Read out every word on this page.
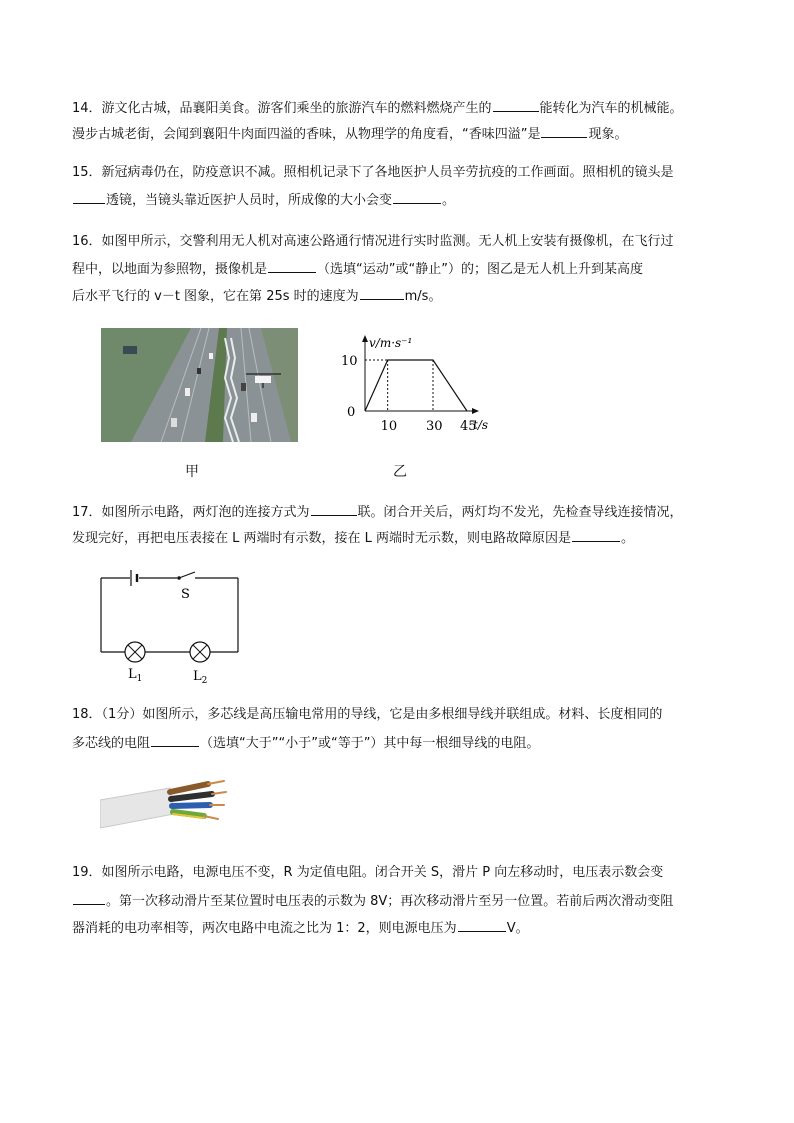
14．游文化古城，品襄阳美食。游客们乘坐的旅游汽车的燃料燃烧产生的	能转化为汽车的机械能。
漫步古城老街，会闻到襄阳牛肉面四溢的香味，从物理学的角度看，“香味四溢”是	现象。
15．新冠病毒仍在，防疫意识不减。照相机记录下了各地医护人员辛劳抗疫的工作画面。照相机的镜头是
透镜，当镜头靠近医护人员时，所成像的大小会变	。
16．如图甲所示，交警利用无人机对高速公路通行情况进行实时监测。无人机上安装有摄像机，在飞行过
程中，以地面为参照物，摄像机是	（选填“运动”或“静止”）的；图乙是无人机上升到某高度
后水平飞行的 v－t 图象，它在第 25s 时的速度为	m/s。
v/m·s⁻¹
t/s
10 30 45
0
10
甲	乙
17．如图所示电路，两灯泡的连接方式为	联。闭合开关后，两灯均不发光，先检查导线连接情况，
发现完好，再把电压表接在 L 两端时有示数，接在 L 两端时无示数，则电路故障原因是	。
S
$L_1$	$L_2$
18．（1分）如图所示，多芯线是高压输电常用的导线，它是由多根细导线并联组成。材料、长度相同的
多芯线的电阻	（选填“大于”“小于”或“等于”）其中每一根细导线的电阻。
19．如图所示电路，电源电压不变，R 为定值电阻。闭合开关 S，滑片 P 向左移动时，电压表示数会变
。第一次移动滑片至某位置时电压表的示数为 8V；再次移动滑片至另一位置。若前后两次滑动变阻
器消耗的电功率相等，两次电路中电流之比为 1：2，则电源电压为	V。
